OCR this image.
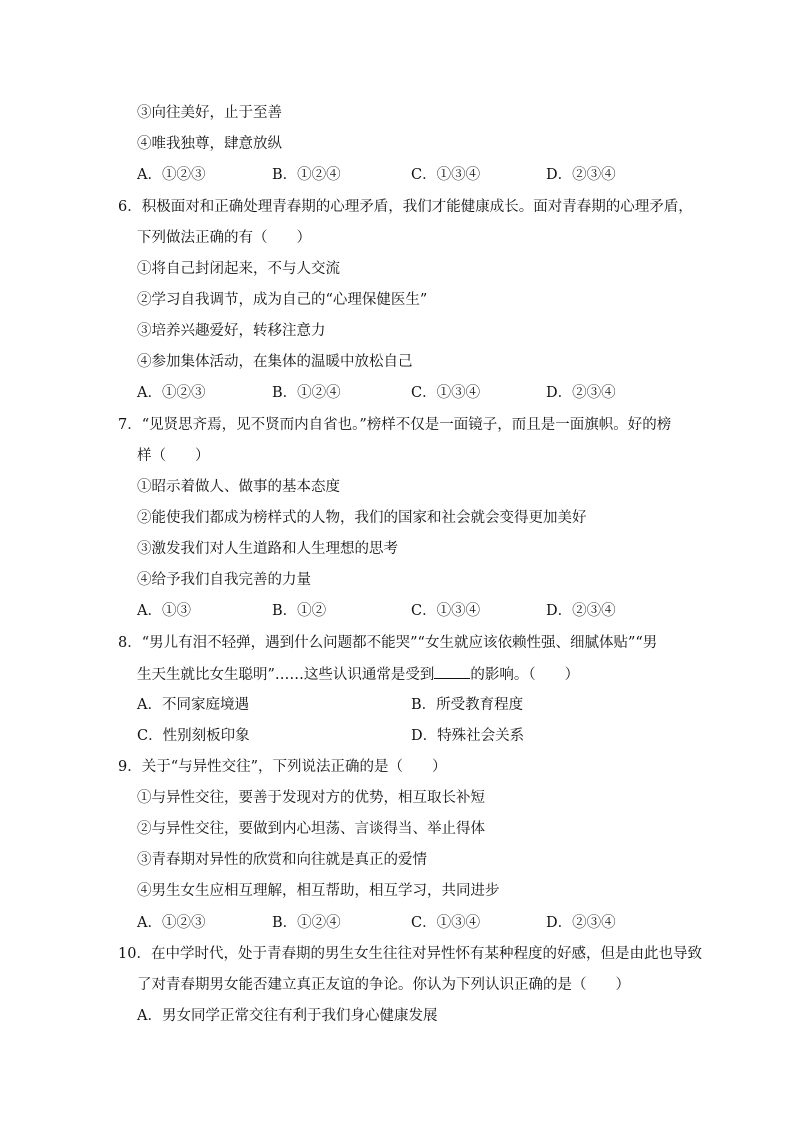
③向往美好，止于至善
④唯我独尊，肆意放纵
A．①②③	B．①②④	C．①③④	D．②③④
6．积极面对和正确处理青春期的心理矛盾，我们才能健康成长。面对青春期的心理矛盾，
下列做法正确的有（　　）
①将自己封闭起来，不与人交流
②学习自我调节，成为自己的“心理保健医生”
③培养兴趣爱好，转移注意力
④参加集体活动，在集体的温暖中放松自己
A．①②③	B．①②④	C．①③④	D．②③④
7．“见贤思齐焉，见不贤而内自省也。”榜样不仅是一面镜子，而且是一面旗帜。好的榜
样（　　）
①昭示着做人、做事的基本态度
②能使我们都成为榜样式的人物，我们的国家和社会就会变得更加美好
③激发我们对人生道路和人生理想的思考
④给予我们自我完善的力量
A．①③	B．①②	C．①③④	D．②③④
8．“男儿有泪不轻弹，遇到什么问题都不能哭”“女生就应该依赖性强、细腻体贴”“男
生天生就比女生聪明”……这些认识通常是受到 的影响。（　　）
A．不同家庭境遇	B．所受教育程度
C．性别刻板印象	D．特殊社会关系
9．关于“与异性交往”，下列说法正确的是（　　）
①与异性交往，要善于发现对方的优势，相互取长补短
②与异性交往，要做到内心坦荡、言谈得当、举止得体
③青春期对异性的欣赏和向往就是真正的爱情
④男生女生应相互理解，相互帮助，相互学习，共同进步
A．①②③	B．①②④	C．①③④	D．②③④
10．在中学时代，处于青春期的男生女生往往对异性怀有某种程度的好感，但是由此也导致
了对青春期男女能否建立真正友谊的争论。你认为下列认识正确的是（　　）
A．男女同学正常交往有利于我们身心健康发展
